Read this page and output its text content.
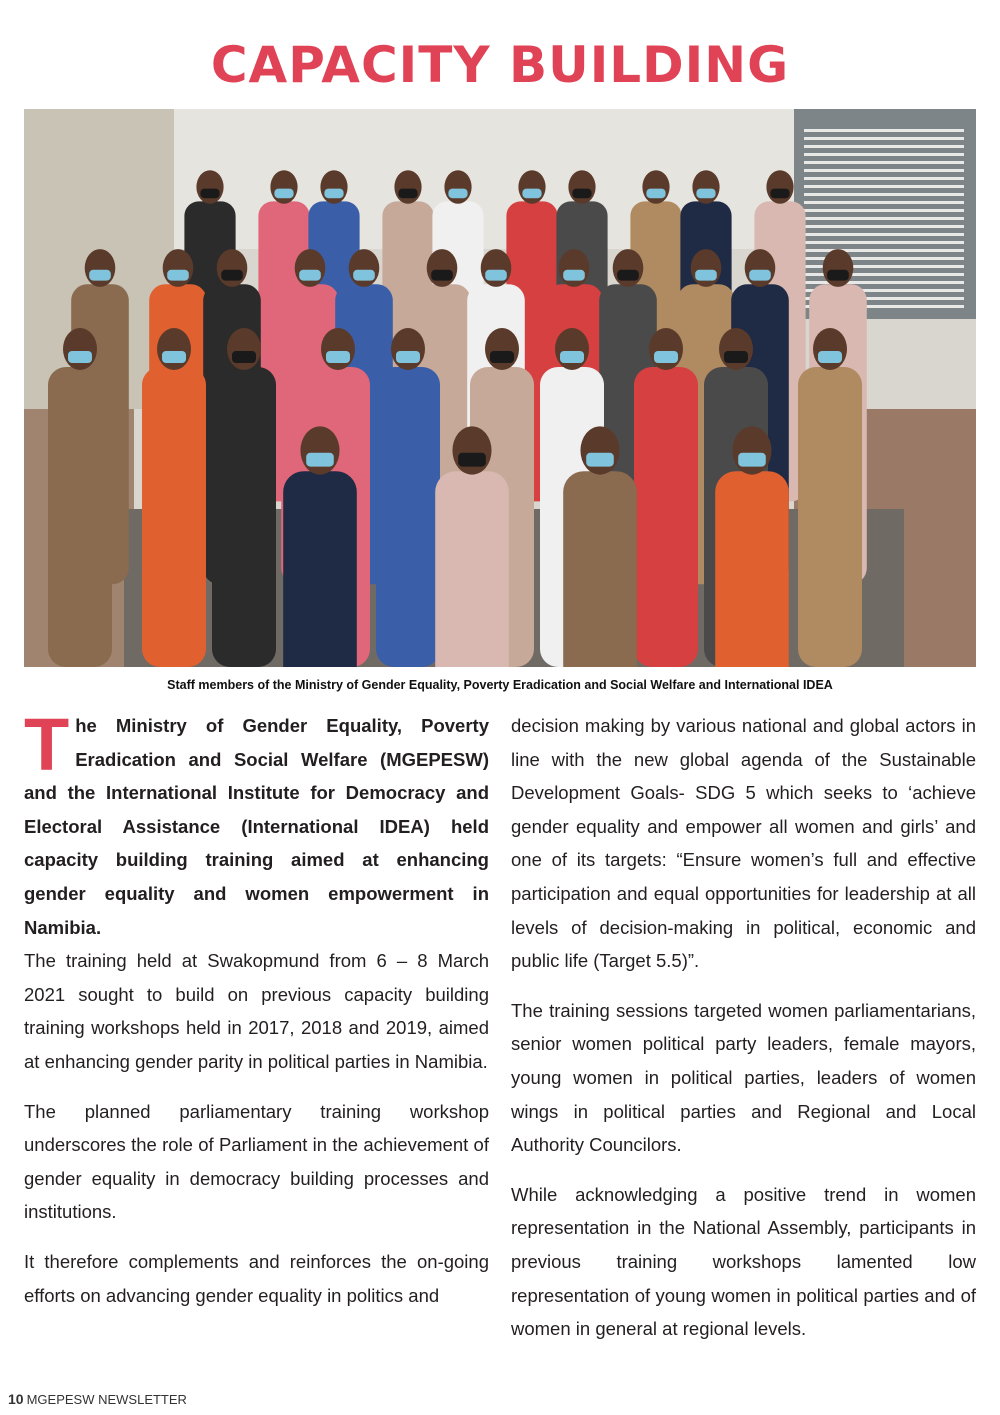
CAPACITY BUILDING
Staff members of the Ministry of Gender Equality, Poverty Eradication and Social Welfare and International IDEA

The Ministry of Gender Equality, Poverty Eradication and Social Welfare (MGEPESW) and the International Institute for Democracy and Electoral Assistance (International IDEA) held capacity building training aimed at enhancing gender equality and women empowerment in Namibia.

The training held at Swakopmund from 6 – 8 March 2021 sought to build on previous capacity building training workshops held in 2017, 2018 and 2019, aimed at enhancing gender parity in political parties in Namibia.

The planned parliamentary training workshop underscores the role of Parliament in the achievement of gender equality in democracy building processes and institutions.

It therefore complements and reinforces the on-going efforts on advancing gender equality in politics and

decision making by various national and global actors in line with the new global agenda of the Sustainable Development Goals- SDG 5 which seeks to ‘achieve gender equality and empower all women and girls’ and one of its targets: “Ensure women’s full and effective participation and equal opportunities for leadership at all levels of decision-making in political, economic and public life (Target 5.5)”.

The training sessions targeted women parliamentarians, senior women political party leaders, female mayors, young women in political parties, leaders of women wings in political parties and Regional and Local Authority Councilors.

While acknowledging a positive trend in women representation in the National Assembly, participants in previous training workshops lamented low representation of young women in political parties and of women in general at regional levels.

10 MGEPESW NEWSLETTER
